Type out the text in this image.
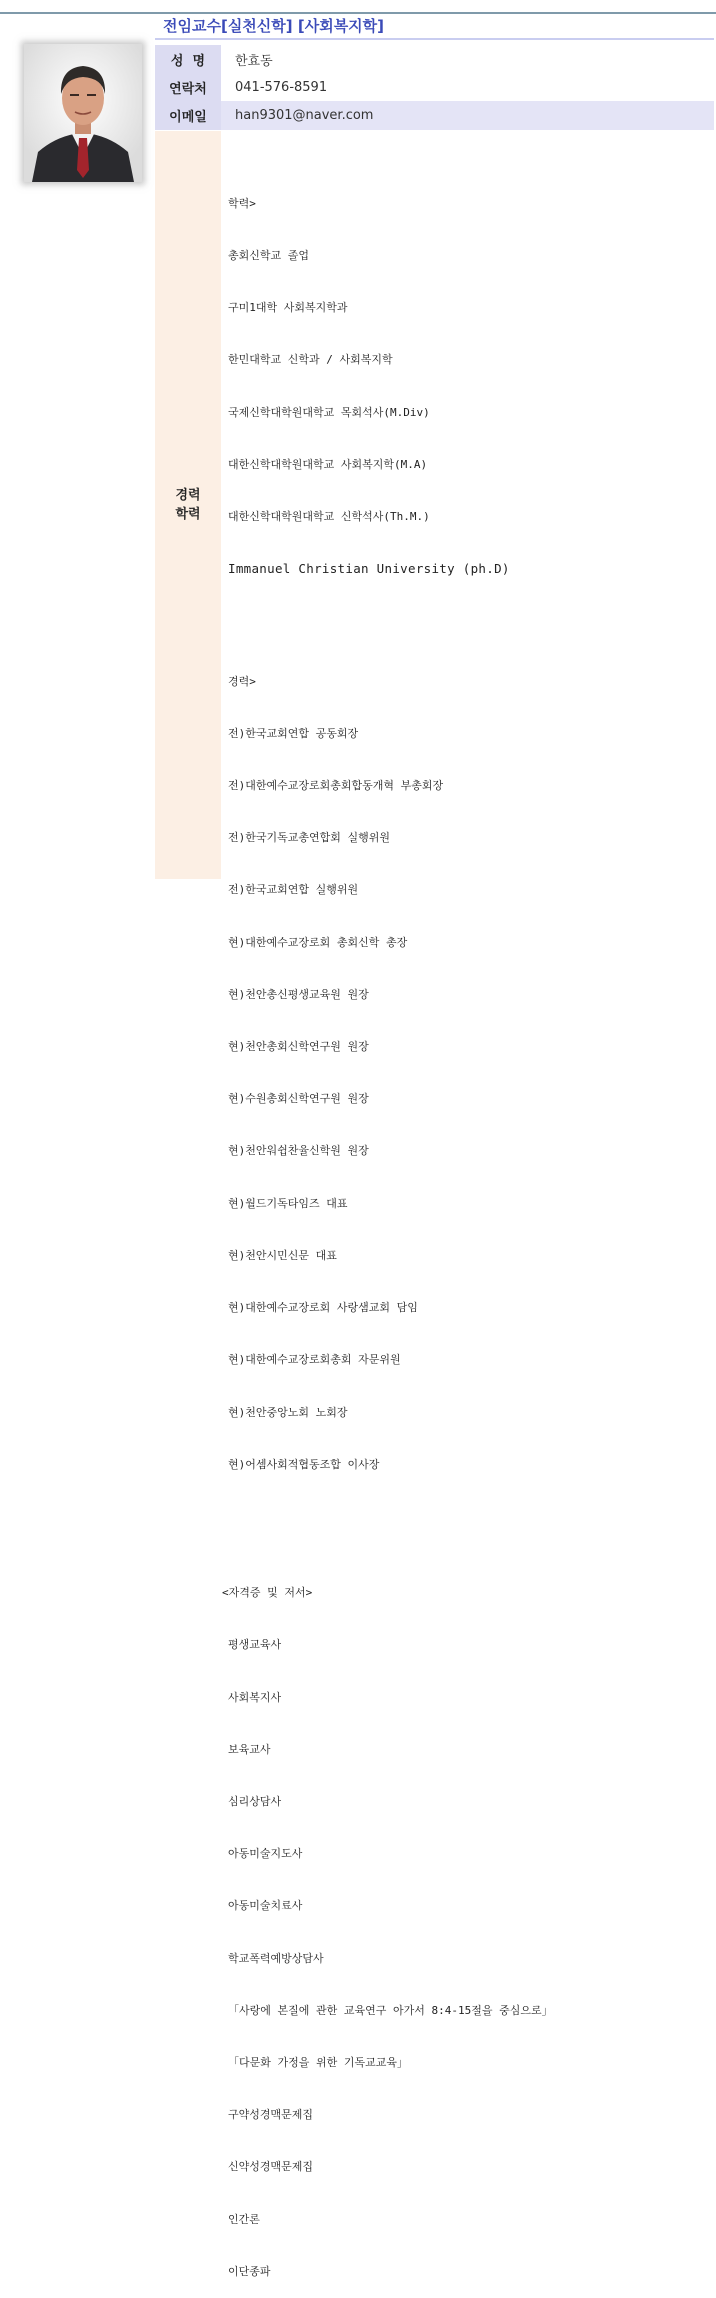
전임교수[실천신학] [사회복지학]
성  명	한효동
연락처	041-576-8591
이메일	han9301@naver.com
경력
학력

학력>

총회신학교 졸업

구미1대학 사회복지학과

한민대학교 신학과 / 사회복지학

국제신학대학원대학교 목회석사(M.Div)

대한신학대학원대학교 사회복지학(M.A)

대한신학대학원대학교 신학석사(Th.M.)

Immanuel Christian University (ph.D)

경력>

전)한국교회연합 공동회장

전)대한예수교장로회총회합동개혁 부총회장

전)한국기독교총연합회 실행위원

전)한국교회연합 실행위원

현)대한예수교장로회 총회신학 총장

현)천안총신평생교육원 원장

현)천안총회신학연구원 원장

현)수원총회신학연구원 원장

현)천안워쉽찬율신학원 원장

현)월드기독타임즈 대표

현)천안시민신문 대표

현)대한예수교장로회 사랑샘교회 담임

현)대한예수교장로회총회 자문위원

현)천안중앙노회 노회장

현)어셈사회적협동조합 이사장

<자격증 및 저서>

평생교육사

사회복지사

보육교사

심리상담사

아동미술지도사

아동미술치료사

학교폭력예방상담사

「사랑에 본질에 관한 교육연구 아가서 8:4-15절을 중심으로」

「다문화 가정을 위한 기독교교육」

구약성경맥문제집

신약성경맥문제집

인간론

이단종파
